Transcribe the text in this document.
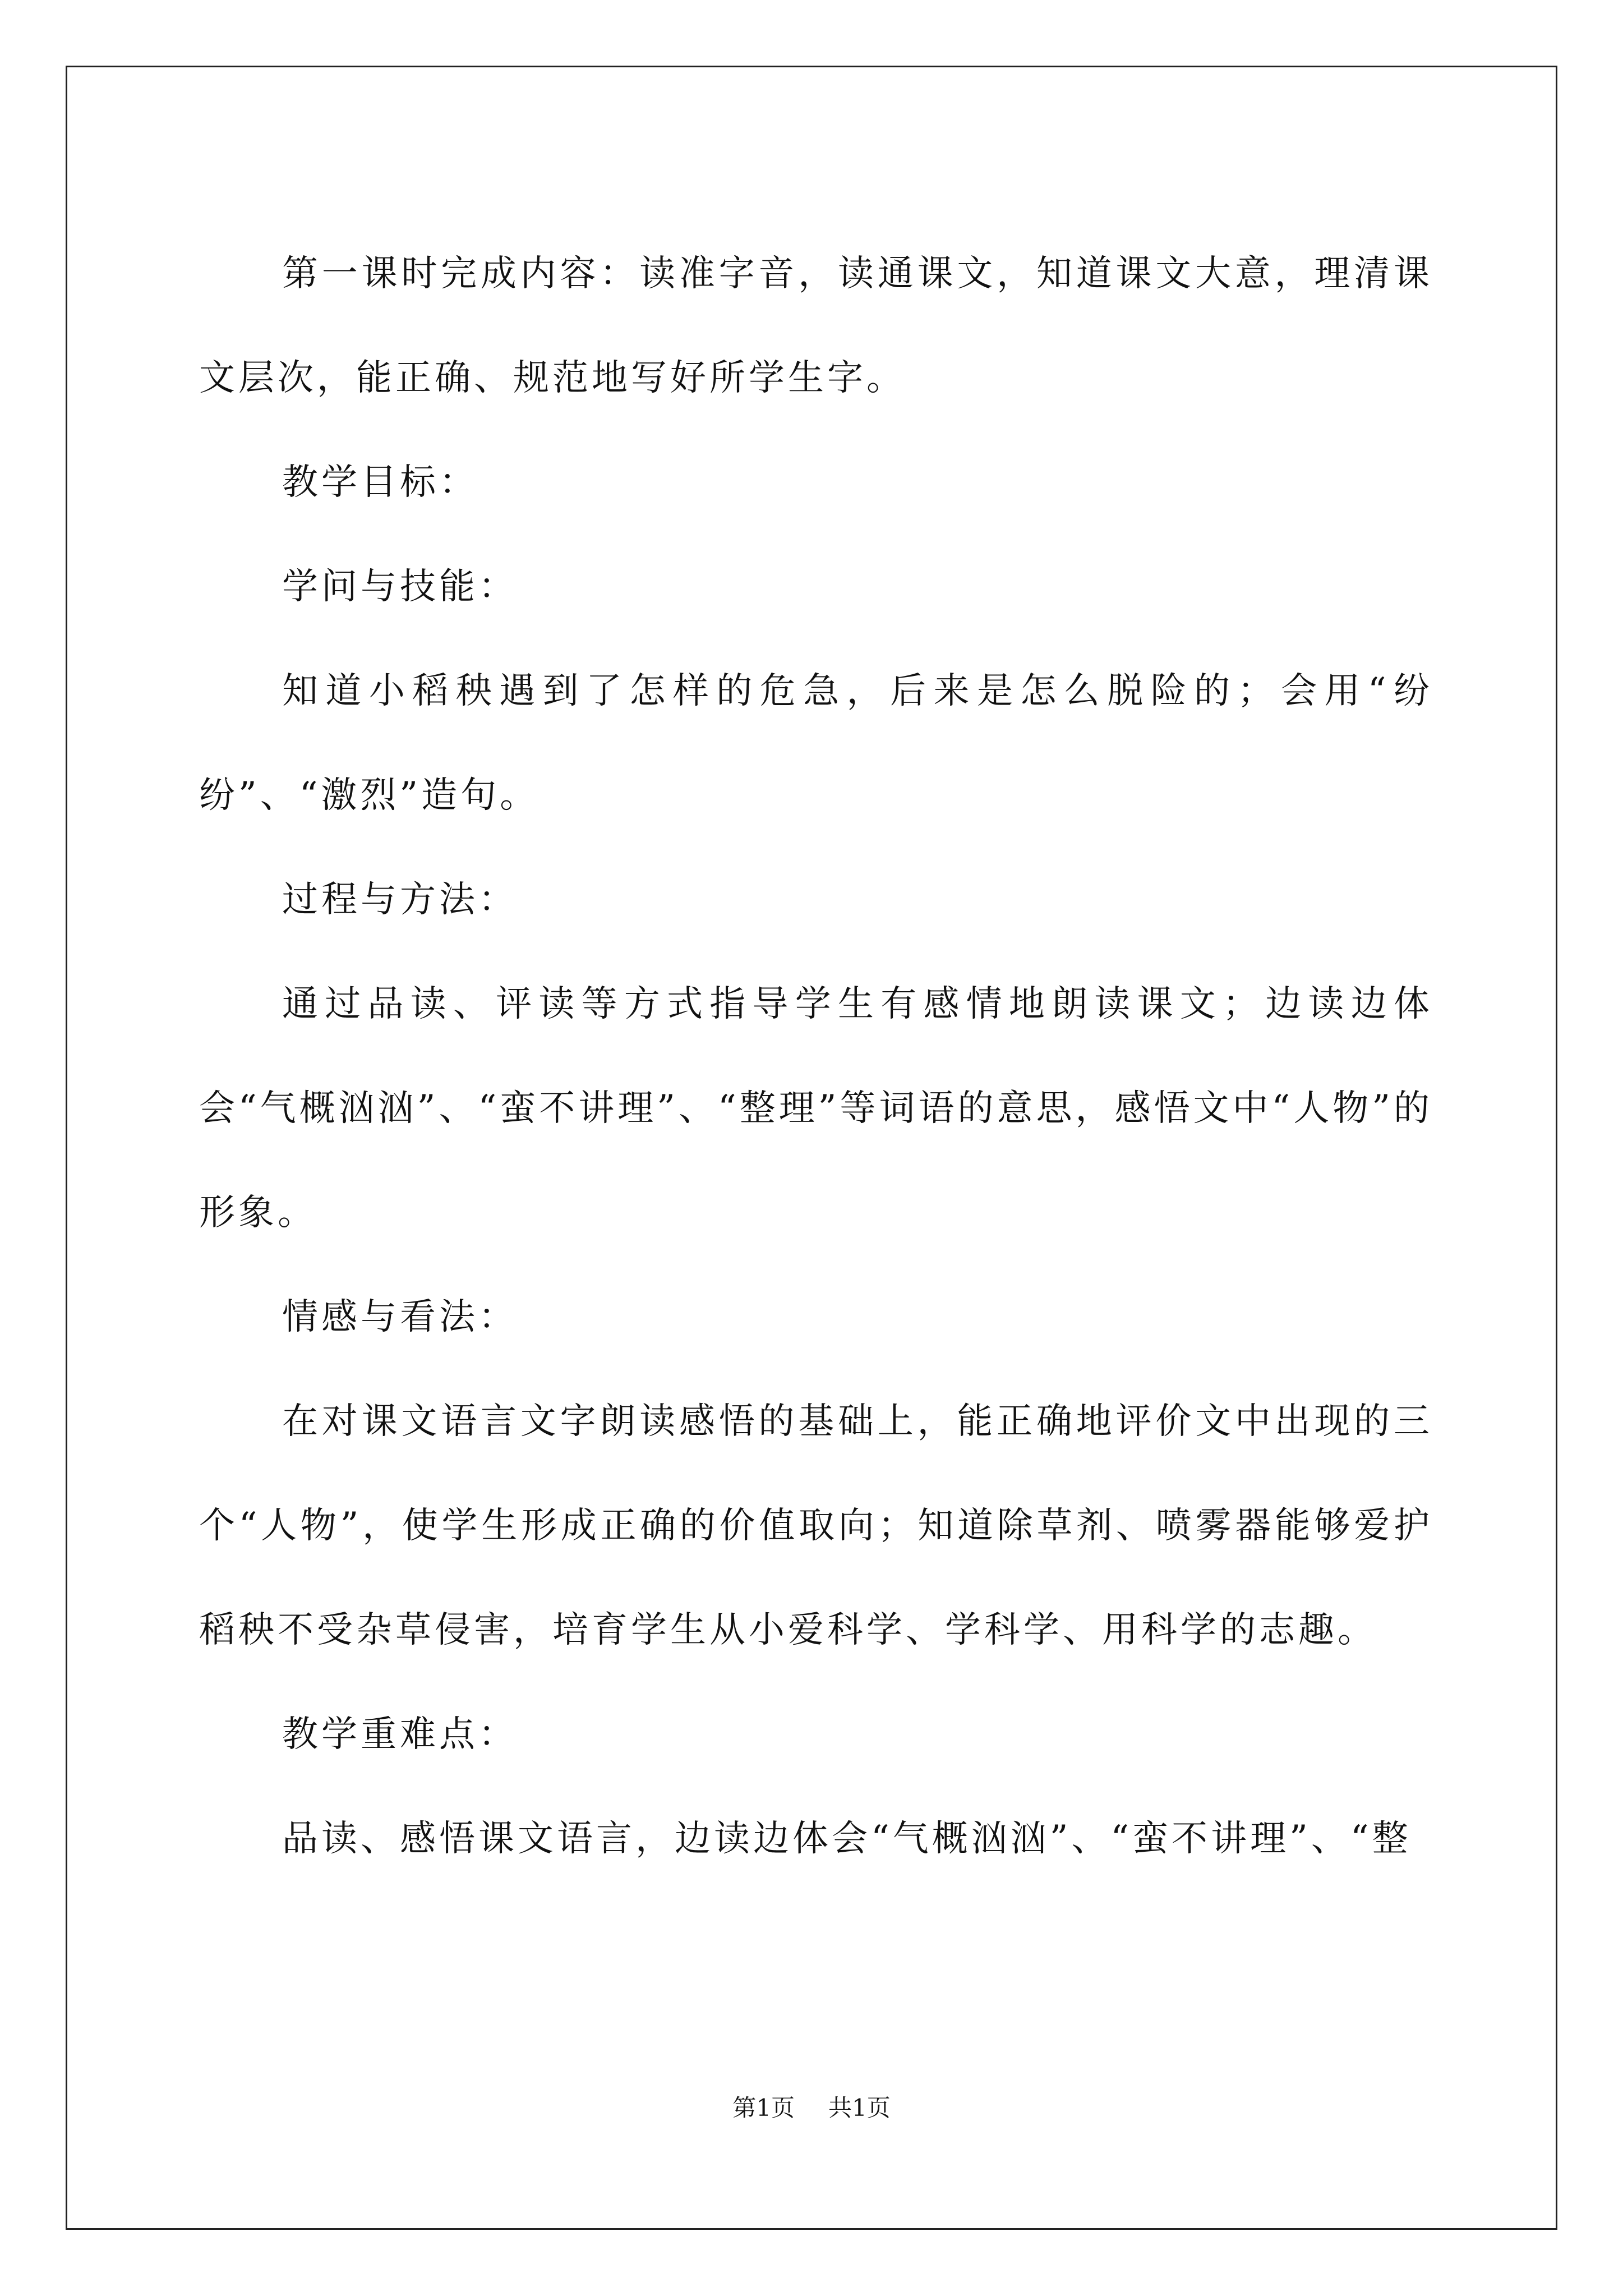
第一课时完成内容：读准字音，读通课文，知道课文大意，理清课文层次，能正确、规范地写好所学生字。

教学目标：

学问与技能：

知道小稻秧遇到了怎样的危急，后来是怎么脱险的；会用“纷纷”、“激烈”造句。

过程与方法：

通过品读、评读等方式指导学生有感情地朗读课文；边读边体会“气概汹汹”、“蛮不讲理”、“整理”等词语的意思，感悟文中“人物”的形象。

情感与看法：

在对课文语言文字朗读感悟的基础上，能正确地评价文中出现的三个“人物”，使学生形成正确的价值取向；知道除草剂、喷雾器能够爱护稻秧不受杂草侵害，培育学生从小爱科学、学科学、用科学的志趣。

教学重难点：

品读、感悟课文语言，边读边体会“气概汹汹”、“蛮不讲理”、“整

第1页 共1页
